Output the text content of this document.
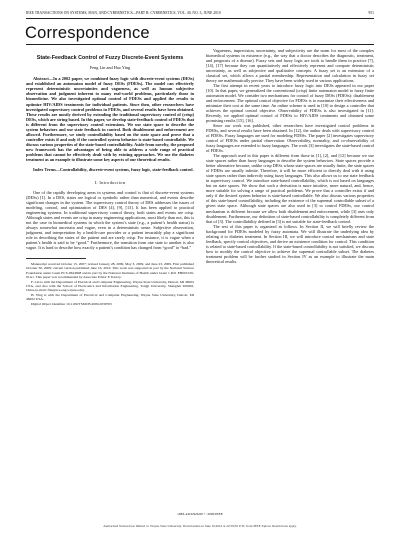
IEEE TRANSACTIONS ON SYSTEMS, MAN, AND CYBERNETICS—PART B: CYBERNETICS, VOL. 40, NO. 3, JUNE 2010	951
Correspondence
State-Feedback Control of Fuzzy Discrete-Event Systems
Feng Lin and Hao Ying

Abstract—In a 2002 paper, we combined fuzzy logic with discrete-event systems (DESs) and established an automaton model of fuzzy DESs (FDESs). The model can effectively represent deterministic uncertainties and vagueness, as well as human subjective observation and judgment inherent to many real-world problems, particularly those in biomedicine. We also investigated optimal control of FDESs and applied the results to optimize HIV/AIDS treatments for individual patients. Since then, other researchers have investigated supervisory control problems in FDESs, and several results have been obtained. These results are mostly derived by extending the traditional supervisory control of (crisp) DESs, which are string based. In this paper, we develop state-feedback control of FDESs that is different from the supervisory control extensions. We use state space to describe the system behaviors and use state feedback in control. Both disablement and enforcement are allowed. Furthermore, we study controllability based on the state space and prove that a controller exists if and only if the controlled system behavior is state-based controllable. We discuss various properties of the state-based controllability. Aside from novelty, the proposed new framework has the advantages of being able to address a wide range of practical problems that cannot be effectively dealt with by existing approaches. We use the diabetes treatment as an example to illustrate some key aspects of our theoretical results.

Index Terms—Controllability, discrete-event systems, fuzzy logic, state-feedback control.

I. Introduction

One of the rapidly developing areas in systems and control is that of discrete-event systems (DESs) [1]. In a DES, states are logical or symbolic rather than numerical, and events describe significant changes in the system. The supervisory control theory of DES addresses the issues of modeling, control, and optimization of DES [4], [9], [13]. It has been applied to practical engineering systems. In traditional supervisory control theory, both states and events are crisp. Although states and events are crisp in many engineering applications, most likely than not, this is not the case in biomedical systems in which the system’s state (e.g., a patient’s health status) is always somewhat uncertain and vague, even in a deterministic sense. Subjective observation, judgment, and interpretation by a health-care provider or a patient invariably play a significant role in describing the states of the patient and are rarely crisp. For instance, it is vague when a patient’s health is said to be “good.” Furthermore, the transition from one state to another is also vague. It is hard to describe how exactly a patient’s condition has changed from “good” to “bad.”

Manuscript received October 15, 2007; revised January 28, 2009, May 3, 2009, and June 23, 2009. First published October 30, 2009; current version published June 16, 2010. This work was supported in part by the National Science Foundation under Grant ECS-0624828 and in part by the National Institutes of Health under Grant 1 R21 EB001529-01A1. This paper was recommended by Associate Editor F. Karray.

F. Lin is with the Department of Electrical and Computer Engineering, Wayne State University, Detroit, MI 48202 USA, and also with the School of Electronics and Information Engineering, Tongji University, Shanghai 200092, China (e-mail: flin@ece.eng.wayne.edu).

H. Ying is with the Department of Electrical and Computer Engineering, Wayne State University, Detroit, MI 48202 USA.

Digital Object Identifier 10.1109/TSMCB.2009.2030765

Vagueness, imprecision, uncertainty, and subjectivity are the norm for most of the complex biomedical systems in existence (e.g., the way that a doctor describes the diagnostic, treatment, and prognosis of a disease). Fuzzy sets and fuzzy logic are tools to handle them in practice [7], [14], [17] because they can quantitatively and effectively represent and compute deterministic uncertainty, as well as subjective and qualitative concepts. A fuzzy set is an extension of a classical set, which allows a partial membership. Representation and calculation in fuzzy set theory are mathematically precise. They have been widely used in various applications.

The first attempt in recent years to introduce fuzzy logic into DESs appeared in our paper [10]. In that paper, we generalized the conventional (crisp) finite automaton model to fuzzy finite automaton model. We consider two mechanisms for control of fuzzy DESs (FDESs): disablement and enforcement. The optimal control objective for FDESs is to maximize their effectiveness and minimize their cost at the same time. An online scheme is used in [10] to design a controller that achieves the optimal control objective. Observability of FDESs is also investigated in [11]. Recently, we applied optimal control of FDESs to HIV/AIDS treatments and obtained some promising results [15], [16].

Since our work was published, other researchers have investigated control problems in FDESs, and several results have been obtained. In [12], the author deals with supervisory control of FDESs. Fuzzy languages are used for modeling FDESs. The paper [2] investigates supervisory control of FDESs under partial observation. Observability, normality, and co-observability of fuzzy languages are extended to fuzzy languages. The work [3] investigates the state-based control of FDESs.

The approach used in this paper is different from those in [1], [2], and [12] because we use state spaces rather than fuzzy languages to describe the system behaviors. State spaces provide a better alternative because, unlike crisp DESs whose state spaces are usually finite, the state spaces of FDESs are usually infinite. Therefore, it will be more efficient to directly deal with it using state spaces rather than indirectly using fuzzy languages. This also allows us to use state feedback in supervisory control. We introduce state-based controllability, which is not based on languages but on state spaces. We show that such a derivation is more intuitive, more natural, and, hence, more suitable for solving a range of practical problems. We prove that a controller exists if and only if the desired system behavior is state-based controllable. We also discuss various properties of this state-based controllability, including the existence of the supremal controllable subset of a given state space. Although state spaces are also used in [3] to control FDESs, our control mechanism is different because we allow both disablement and enforcement, while [3] uses only disablement. Furthermore, our definition of state-based controllability is completely different from that of [3]. The controllability defined in [3] is not suitable for state-feedback control.

The rest of this paper is organized as follows. In Section II, we will briefly review the background for FDESs modeled by fuzzy automata. We will illustrate the underlying idea by relating it to diabetes treatment. In Section III, we will introduce control mechanisms and state feedback, specify control objectives, and derive an existence condition for control. This condition is related to state-based controllability. If the state-based controllability is not satisfied, we discuss how to modify the control objective to achieve the supremal controllable subset. The diabetes treatment problem will be further studied in Section IV as an example to illustrate the main theoretical results.

1083-4419/$26.00 © 2009 IEEE
Authorized licensed use limited to: Wayne State University. Downloaded on June 10,2010 at 22:59:50 UTC from IEEE Xplore. Restrictions apply.
